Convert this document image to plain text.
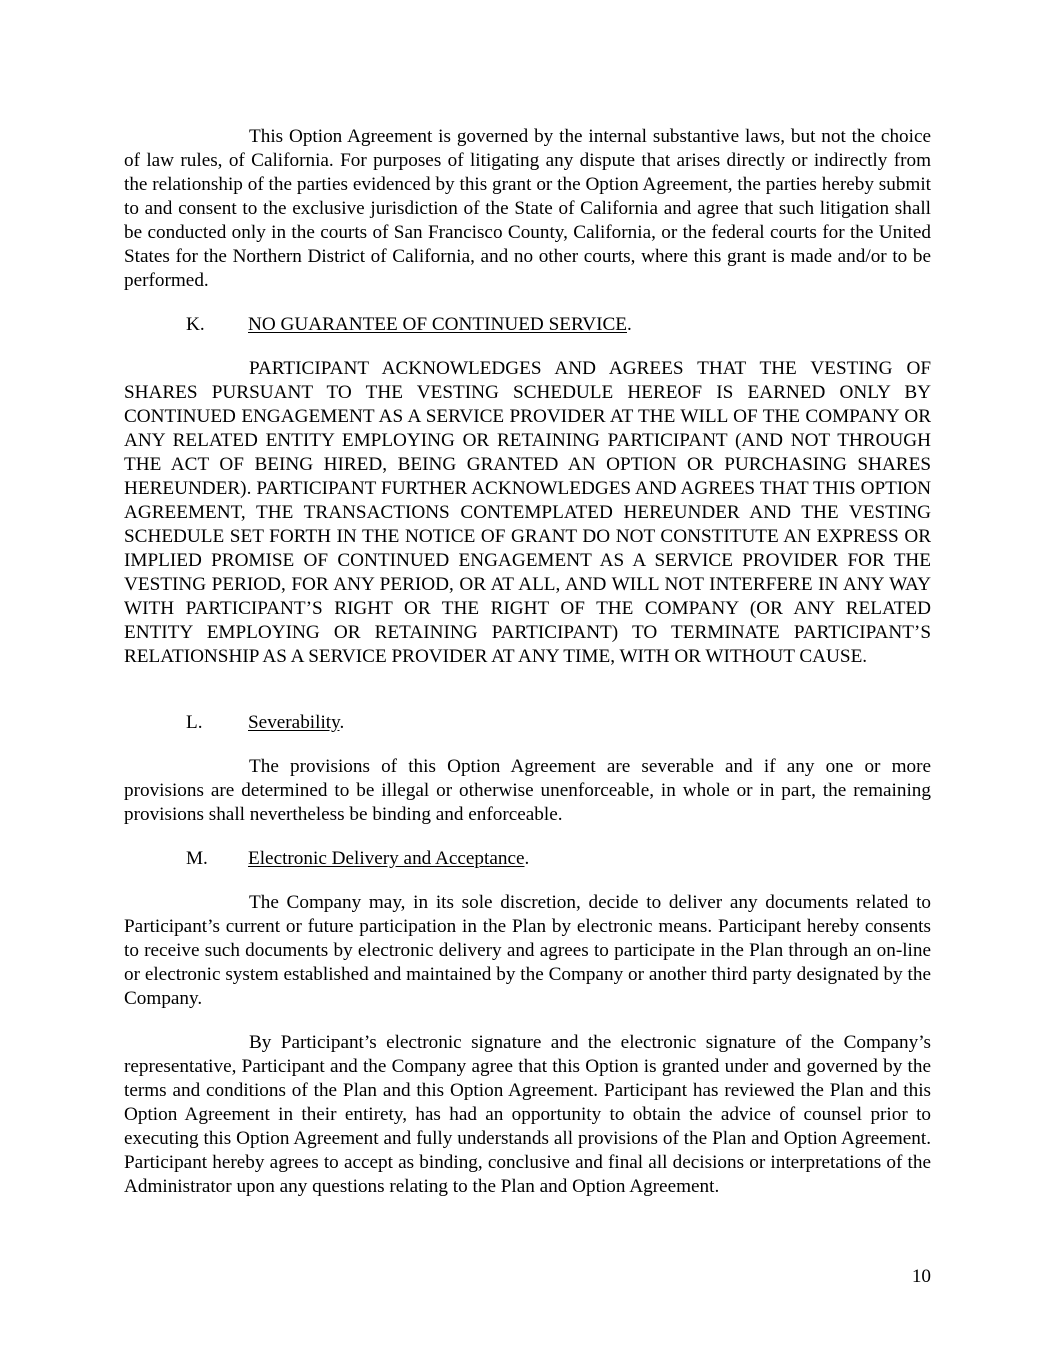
This Option Agreement is governed by the internal substantive laws, but not the choice of law rules, of California. For purposes of litigating any dispute that arises directly or indirectly from the relationship of the parties evidenced by this grant or the Option Agreement, the parties hereby submit to and consent to the exclusive jurisdiction of the State of California and agree that such litigation shall be conducted only in the courts of San Francisco County, California, or the federal courts for the United States for the Northern District of California, and no other courts, where this grant is made and/or to be performed.

K. NO GUARANTEE OF CONTINUED SERVICE.

PARTICIPANT ACKNOWLEDGES AND AGREES THAT THE VESTING OF SHARES PURSUANT TO THE VESTING SCHEDULE HEREOF IS EARNED ONLY BY CONTINUED ENGAGEMENT AS A SERVICE PROVIDER AT THE WILL OF THE COMPANY OR ANY RELATED ENTITY EMPLOYING OR RETAINING PARTICIPANT (AND NOT THROUGH THE ACT OF BEING HIRED, BEING GRANTED AN OPTION OR PURCHASING SHARES HEREUNDER). PARTICIPANT FURTHER ACKNOWLEDGES AND AGREES THAT THIS OPTION AGREEMENT, THE TRANSACTIONS CONTEMPLATED HEREUNDER AND THE VESTING SCHEDULE SET FORTH IN THE NOTICE OF GRANT DO NOT CONSTITUTE AN EXPRESS OR IMPLIED PROMISE OF CONTINUED ENGAGEMENT AS A SERVICE PROVIDER FOR THE VESTING PERIOD, FOR ANY PERIOD, OR AT ALL, AND WILL NOT INTERFERE IN ANY WAY WITH PARTICIPANT’S RIGHT OR THE RIGHT OF THE COMPANY (OR ANY RELATED ENTITY EMPLOYING OR RETAINING PARTICIPANT) TO TERMINATE PARTICIPANT’S RELATIONSHIP AS A SERVICE PROVIDER AT ANY TIME, WITH OR WITHOUT CAUSE.

L. Severability.

The provisions of this Option Agreement are severable and if any one or more provisions are determined to be illegal or otherwise unenforceable, in whole or in part, the remaining provisions shall nevertheless be binding and enforceable.

M. Electronic Delivery and Acceptance.

The Company may, in its sole discretion, decide to deliver any documents related to Participant’s current or future participation in the Plan by electronic means. Participant hereby consents to receive such documents by electronic delivery and agrees to participate in the Plan through an on-line or electronic system established and maintained by the Company or another third party designated by the Company.

By Participant’s electronic signature and the electronic signature of the Company’s representative, Participant and the Company agree that this Option is granted under and governed by the terms and conditions of the Plan and this Option Agreement. Participant has reviewed the Plan and this Option Agreement in their entirety, has had an opportunity to obtain the advice of counsel prior to executing this Option Agreement and fully understands all provisions of the Plan and Option Agreement. Participant hereby agrees to accept as binding, conclusive and final all decisions or interpretations of the Administrator upon any questions relating to the Plan and Option Agreement.

10
